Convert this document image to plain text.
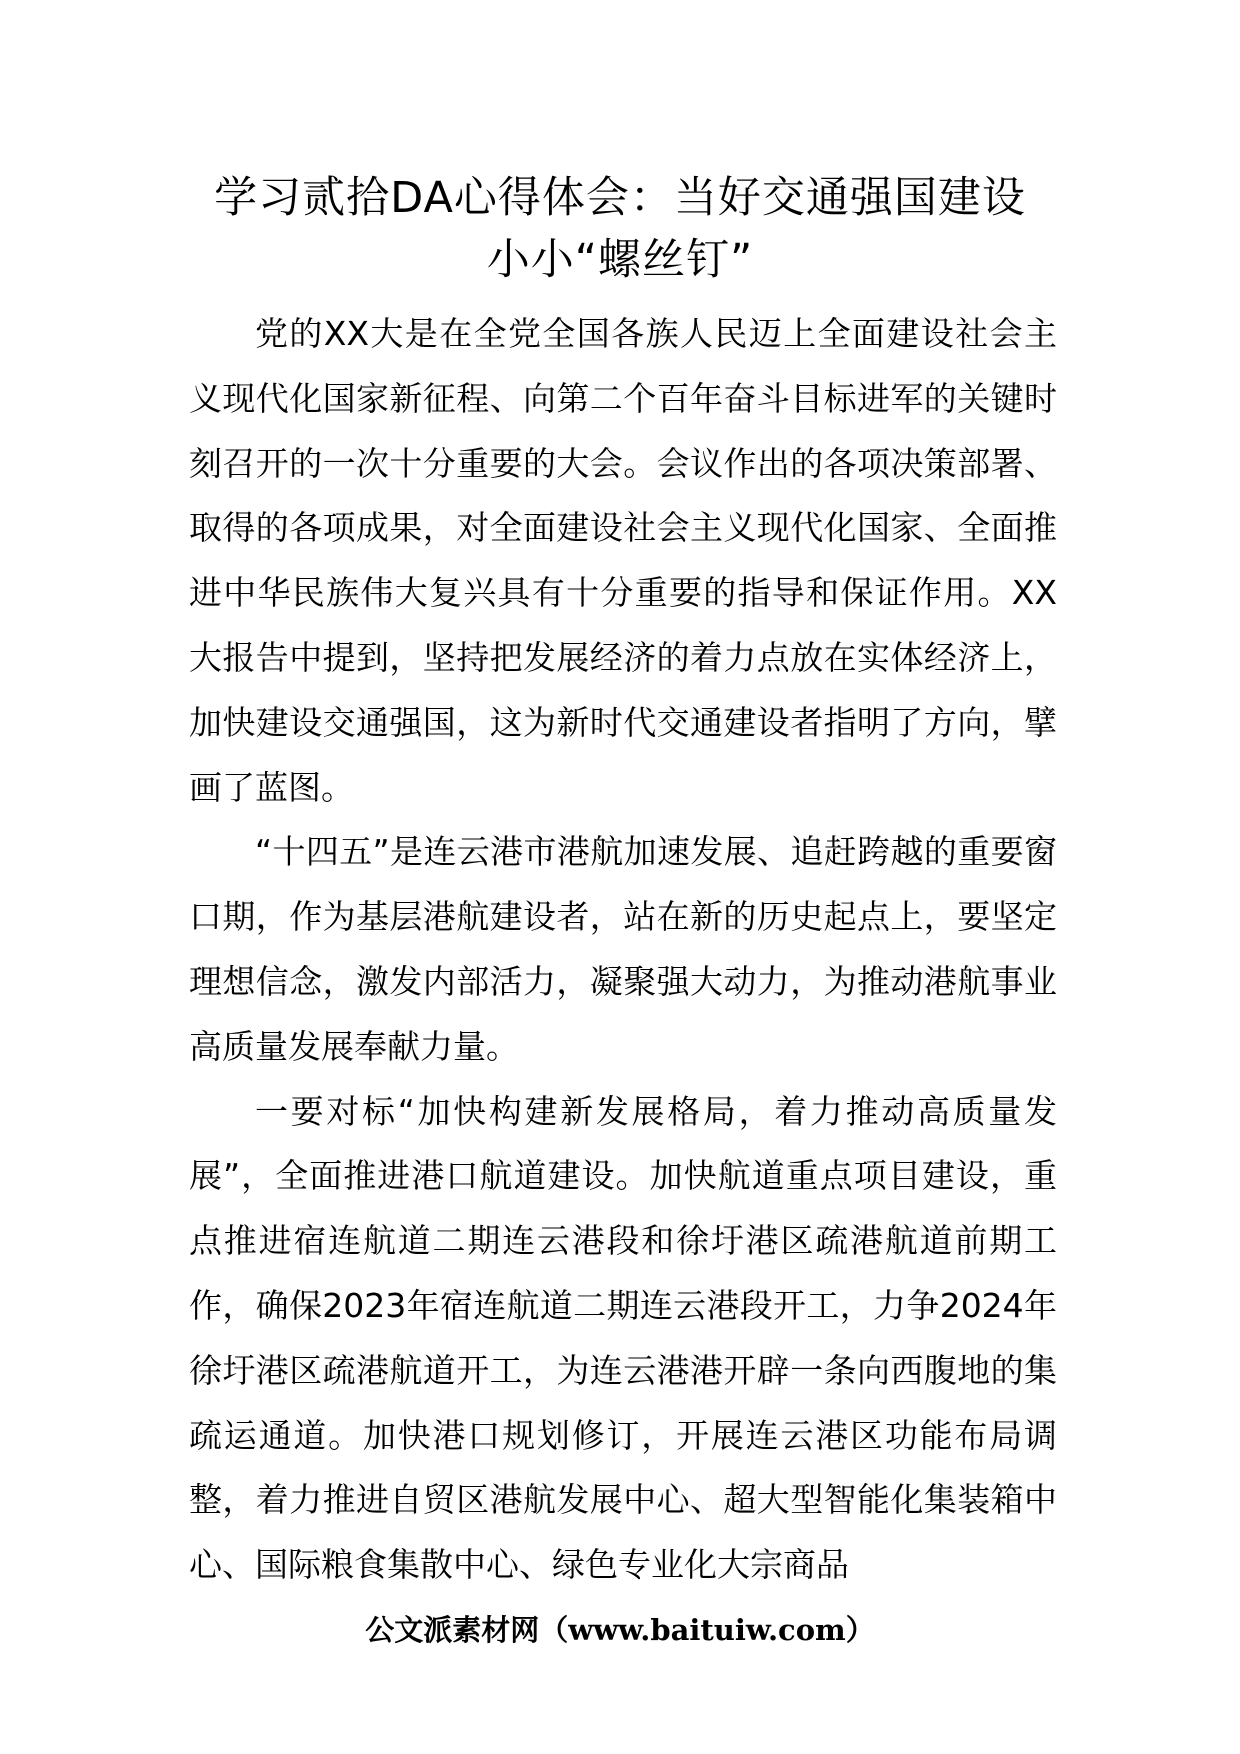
学习贰拾DA心得体会：当好交通强国建设
小小“螺丝钉”

党的XX大是在全党全国各族人民迈上全面建设社会主义现代化国家新征程、向第二个百年奋斗目标进军的关键时刻召开的一次十分重要的大会。会议作出的各项决策部署、取得的各项成果，对全面建设社会主义现代化国家、全面推进中华民族伟大复兴具有十分重要的指导和保证作用。XX大报告中提到，坚持把发展经济的着力点放在实体经济上，加快建设交通强国，这为新时代交通建设者指明了方向，擘画了蓝图。

“十四五”是连云港市港航加速发展、追赶跨越的重要窗口期，作为基层港航建设者，站在新的历史起点上，要坚定理想信念，激发内部活力，凝聚强大动力，为推动港航事业高质量发展奉献力量。

一要对标“加快构建新发展格局，着力推动高质量发展”，全面推进港口航道建设。加快航道重点项目建设，重点推进宿连航道二期连云港段和徐圩港区疏港航道前期工作，确保2023年宿连航道二期连云港段开工，力争2024年徐圩港区疏港航道开工，为连云港港开辟一条向西腹地的集疏运通道。加快港口规划修订，开展连云港区功能布局调整，着力推进自贸区港航发展中心、超大型智能化集装箱中心、国际粮食集散中心、绿色专业化大宗商品

公文派素材网（www.baituiw.com）
